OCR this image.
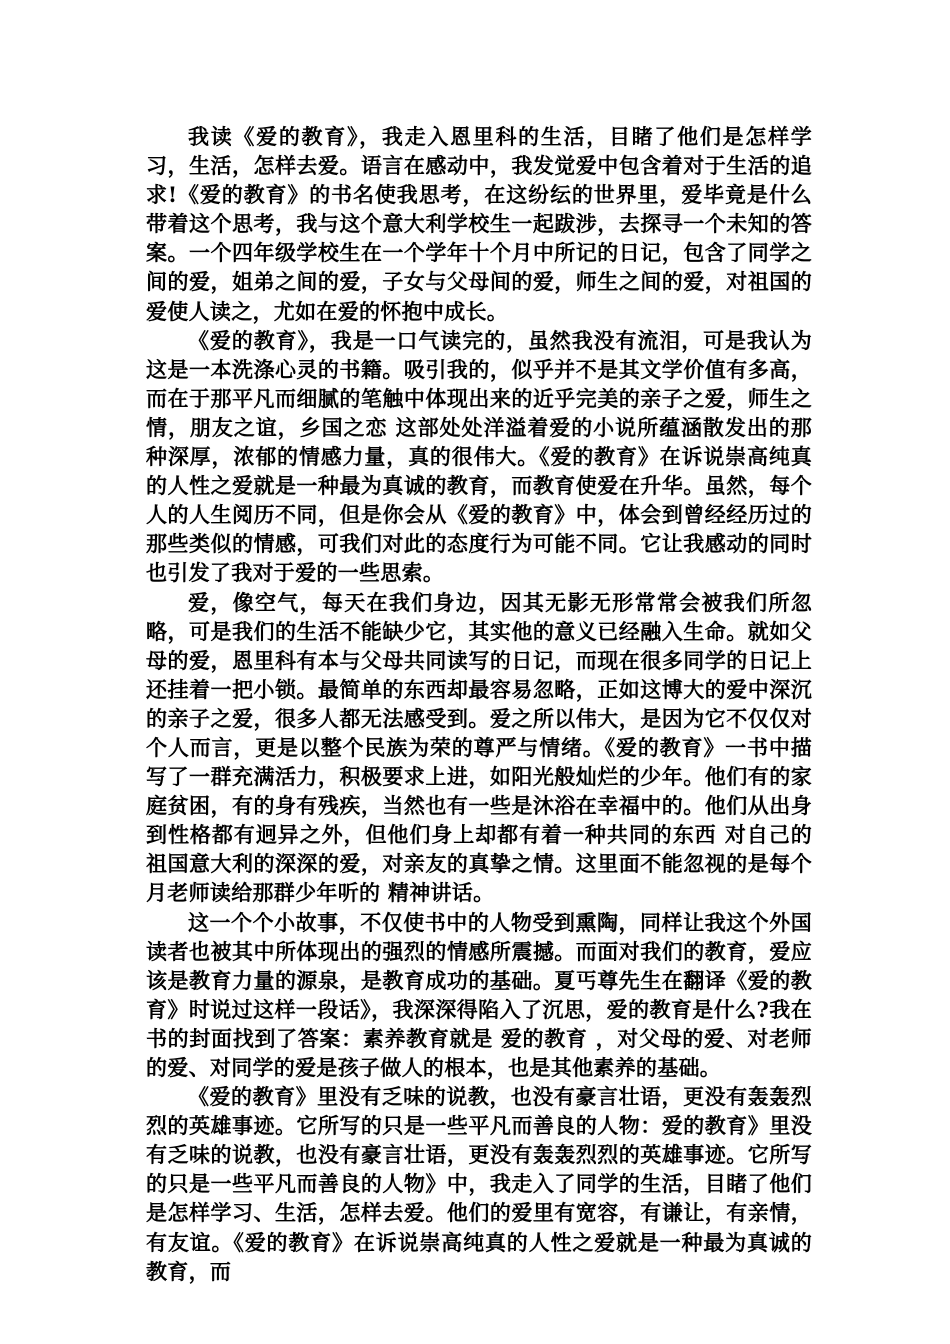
我读《爱的教育》，我走入恩里科的生活，目睹了他们是怎样学习，生活，怎样去爱。语言在感动中，我发觉爱中包含着对于生活的追求!《爱的教育》的书名使我思考，在这纷纭的世界里，爱毕竟是什么带着这个思考，我与这个意大利学校生一起跋涉，去探寻一个未知的答案。一个四年级学校生在一个学年十个月中所记的日记，包含了同学之间的爱，姐弟之间的爱，子女与父母间的爱，师生之间的爱，对祖国的爱使人读之，尤如在爱的怀抱中成长。

《爱的教育》，我是一口气读完的，虽然我没有流泪，可是我认为这是一本洗涤心灵的书籍。吸引我的，似乎并不是其文学价值有多高，而在于那平凡而细腻的笔触中体现出来的近乎完美的亲子之爱，师生之情，朋友之谊，乡国之恋 这部处处洋溢着爱的小说所蕴涵散发出的那种深厚，浓郁的情感力量，真的很伟大。《爱的教育》在诉说崇高纯真的人性之爱就是一种最为真诚的教育，而教育使爱在升华。虽然，每个人的人生阅历不同，但是你会从《爱的教育》中，体会到曾经经历过的那些类似的情感，可我们对此的态度行为可能不同。它让我感动的同时也引发了我对于爱的一些思索。

爱，像空气，每天在我们身边，因其无影无形常常会被我们所忽略，可是我们的生活不能缺少它，其实他的意义已经融入生命。就如父母的爱，恩里科有本与父母共同读写的日记，而现在很多同学的日记上还挂着一把小锁。最简单的东西却最容易忽略，正如这博大的爱中深沉的亲子之爱，很多人都无法感受到。爱之所以伟大，是因为它不仅仅对个人而言，更是以整个民族为荣的尊严与情绪。《爱的教育》一书中描写了一群充满活力，积极要求上进，如阳光般灿烂的少年。他们有的家庭贫困，有的身有残疾，当然也有一些是沐浴在幸福中的。他们从出身到性格都有迥异之外，但他们身上却都有着一种共同的东西 对自己的祖国意大利的深深的爱，对亲友的真挚之情。这里面不能忽视的是每个月老师读给那群少年听的 精神讲话。

这一个个小故事，不仅使书中的人物受到熏陶，同样让我这个外国读者也被其中所体现出的强烈的情感所震撼。而面对我们的教育，爱应该是教育力量的源泉，是教育成功的基础。夏丐尊先生在翻译《爱的教育》时说过这样一段话》，我深深得陷入了沉思，爱的教育是什么?我在书的封面找到了答案：素养教育就是 爱的教育 ，对父母的爱、对老师的爱、对同学的爱是孩子做人的根本，也是其他素养的基础。

《爱的教育》里没有乏味的说教，也没有豪言壮语，更没有轰轰烈烈的英雄事迹。它所写的只是一些平凡而善良的人物：爱的教育》里没有乏味的说教，也没有豪言壮语，更没有轰轰烈烈的英雄事迹。它所写的只是一些平凡而善良的人物》中，我走入了同学的生活，目睹了他们是怎样学习、生活，怎样去爱。他们的爱里有宽容，有谦让，有亲情，有友谊。《爱的教育》在诉说崇高纯真的人性之爱就是一种最为真诚的教育，而
